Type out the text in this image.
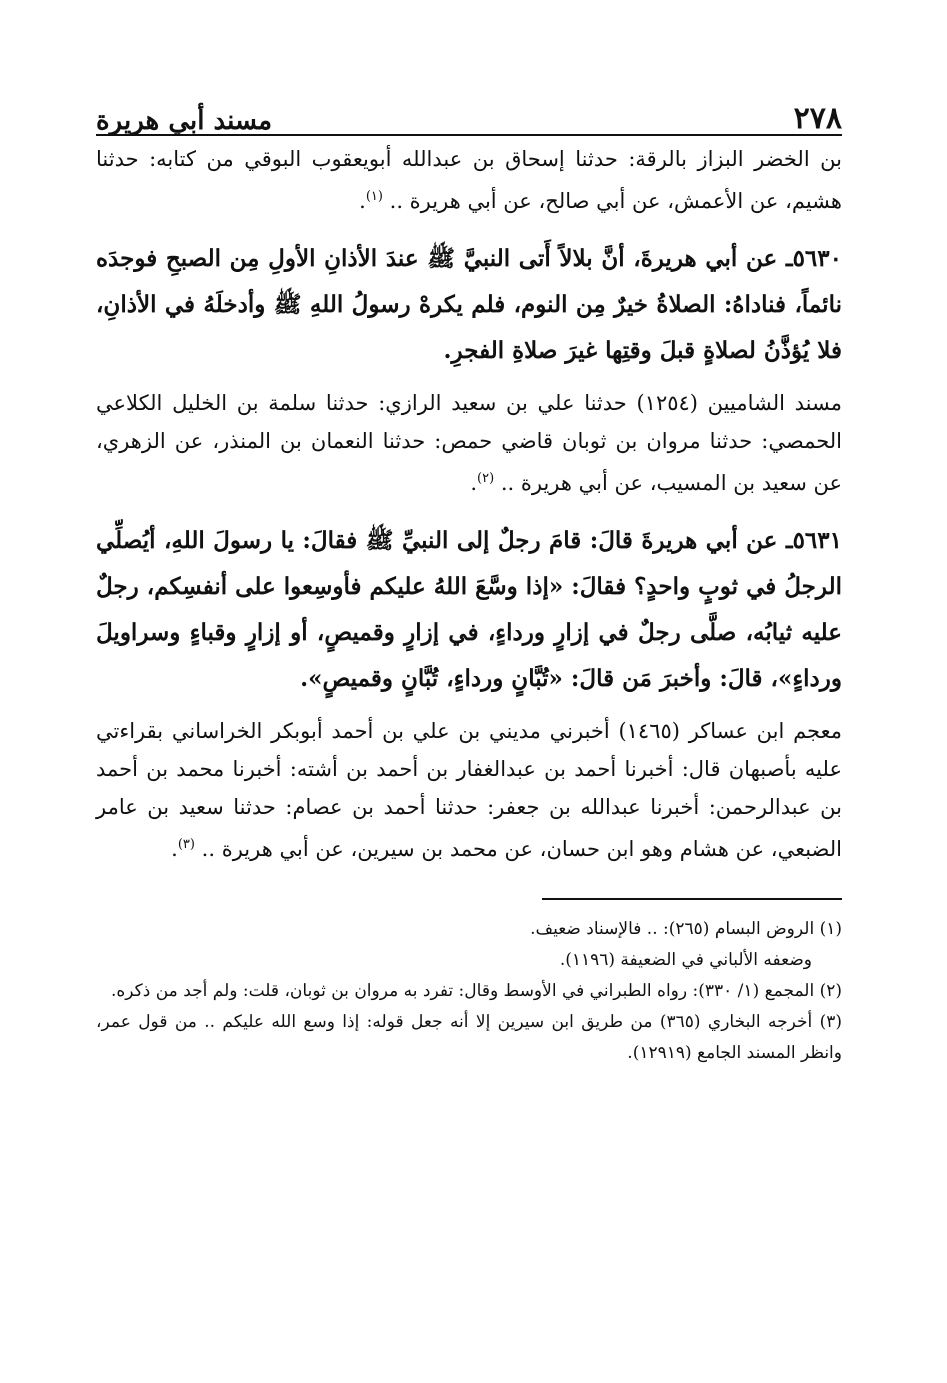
٢٧٨
مسند أبي هريرة

بن الخضر البزاز بالرقة: حدثنا إسحاق بن عبدالله أبويعقوب البوقي من كتابه: حدثنا هشيم، عن الأعمش، عن أبي صالح، عن أبي هريرة .. $^{(١)}$.

٥٦٣٠ـ عن أبي هريرةَ، أنَّ بلالاً أَتى النبيَّ ﷺ عندَ الأذانِ الأولِ مِن الصبحِ فوجدَه نائماً، فناداهُ: الصلاةُ خيرٌ مِن النوم، فلم يكرهْ رسولُ اللهِ ﷺ وأدخلَهُ في الأذانِ، فلا يُؤذَّنُ لصلاةٍ قبلَ وقتِها غيرَ صلاةِ الفجرِ.

مسند الشاميين (١٢٥٤) حدثنا علي بن سعيد الرازي: حدثنا سلمة بن الخليل الكلاعي الحمصي: حدثنا مروان بن ثوبان قاضي حمص: حدثنا النعمان بن المنذر، عن الزهري، عن سعيد بن المسيب، عن أبي هريرة .. $^{(٢)}$.

٥٦٣١ـ عن أبي هريرةَ قالَ: قامَ رجلٌ إلى النبيِّ ﷺ فقالَ: يا رسولَ اللهِ، أيُصلِّي الرجلُ في ثوبٍ واحدٍ؟ فقالَ: «إذا وسَّعَ اللهُ عليكم فأوسِعوا على أنفسِكم، رجلٌ عليه ثيابُه، صلَّى رجلٌ في إزارٍ ورداءٍ، في إزارٍ وقميصٍ، أو إزارٍ وقباءٍ وسراويلَ ورداءٍ»، قالَ: وأخبرَ مَن قالَ: «تُبَّانٍ ورداءٍ، تُبَّانٍ وقميصٍ».

معجم ابن عساكر (١٤٦٥) أخبرني مديني بن علي بن أحمد أبوبكر الخراساني بقراءتي عليه بأصبهان قال: أخبرنا أحمد بن عبدالغفار بن أحمد بن أشته: أخبرنا محمد بن أحمد بن عبدالرحمن: أخبرنا عبدالله بن جعفر: حدثنا أحمد بن عصام: حدثنا سعيد بن عامر الضبعي، عن هشام وهو ابن حسان، عن محمد بن سيرين، عن أبي هريرة .. $^{(٣)}$.

(١) الروض البسام (٢٦٥): .. فالإسناد ضعيف.

وضعفه الألباني في الضعيفة (١١٩٦).

(٢) المجمع (١/ ٣٣٠): رواه الطبراني في الأوسط وقال: تفرد به مروان بن ثوبان، قلت: ولم أجد من ذكره.

(٣) أخرجه البخاري (٣٦٥) من طريق ابن سيرين إلا أنه جعل قوله: إذا وسع الله عليكم .. من قول عمر، وانظر المسند الجامع (١٢٩١٩).
